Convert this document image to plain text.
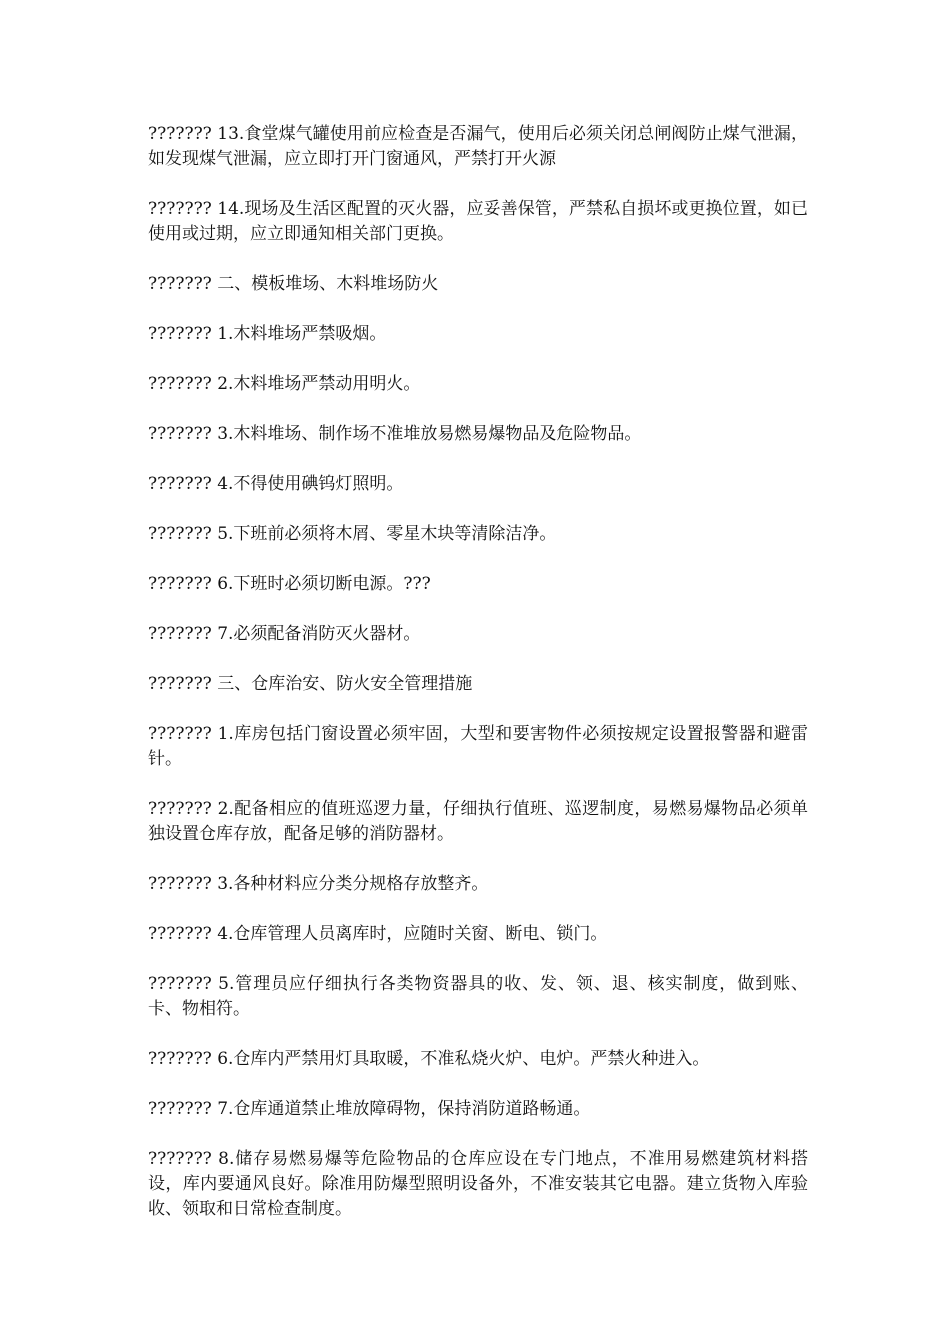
??????? 13.食堂煤气罐使用前应检查是否漏气，使用后必须关闭总闸阀防止煤气泄漏，如发现煤气泄漏，应立即打开门窗通风，严禁打开火源

??????? 14.现场及生活区配置的灭火器，应妥善保管，严禁私自损坏或更换位置，如已使用或过期，应立即通知相关部门更换。

??????? 二、模板堆场、木料堆场防火

??????? 1.木料堆场严禁吸烟。

??????? 2.木料堆场严禁动用明火。

??????? 3.木料堆场、制作场不准堆放易燃易爆物品及危险物品。

??????? 4.不得使用碘钨灯照明。

??????? 5.下班前必须将木屑、零星木块等清除洁净。

??????? 6.下班时必须切断电源。???

??????? 7.必须配备消防灭火器材。

??????? 三、仓库治安、防火安全管理措施

??????? 1.库房包括门窗设置必须牢固，大型和要害物件必须按规定设置报警器和避雷针。

??????? 2.配备相应的值班巡逻力量，仔细执行值班、巡逻制度，易燃易爆物品必须单独设置仓库存放，配备足够的消防器材。

??????? 3.各种材料应分类分规格存放整齐。

??????? 4.仓库管理人员离库时，应随时关窗、断电、锁门。

??????? 5.管理员应仔细执行各类物资器具的收、发、领、退、核实制度，做到账、卡、物相符。

??????? 6.仓库内严禁用灯具取暖，不准私烧火炉、电炉。严禁火种进入。

??????? 7.仓库通道禁止堆放障碍物，保持消防道路畅通。

??????? 8.储存易燃易爆等危险物品的仓库应设在专门地点，不准用易燃建筑材料搭设，库内要通风良好。除准用防爆型照明设备外，不准安装其它电器。建立货物入库验收、领取和日常检查制度。
